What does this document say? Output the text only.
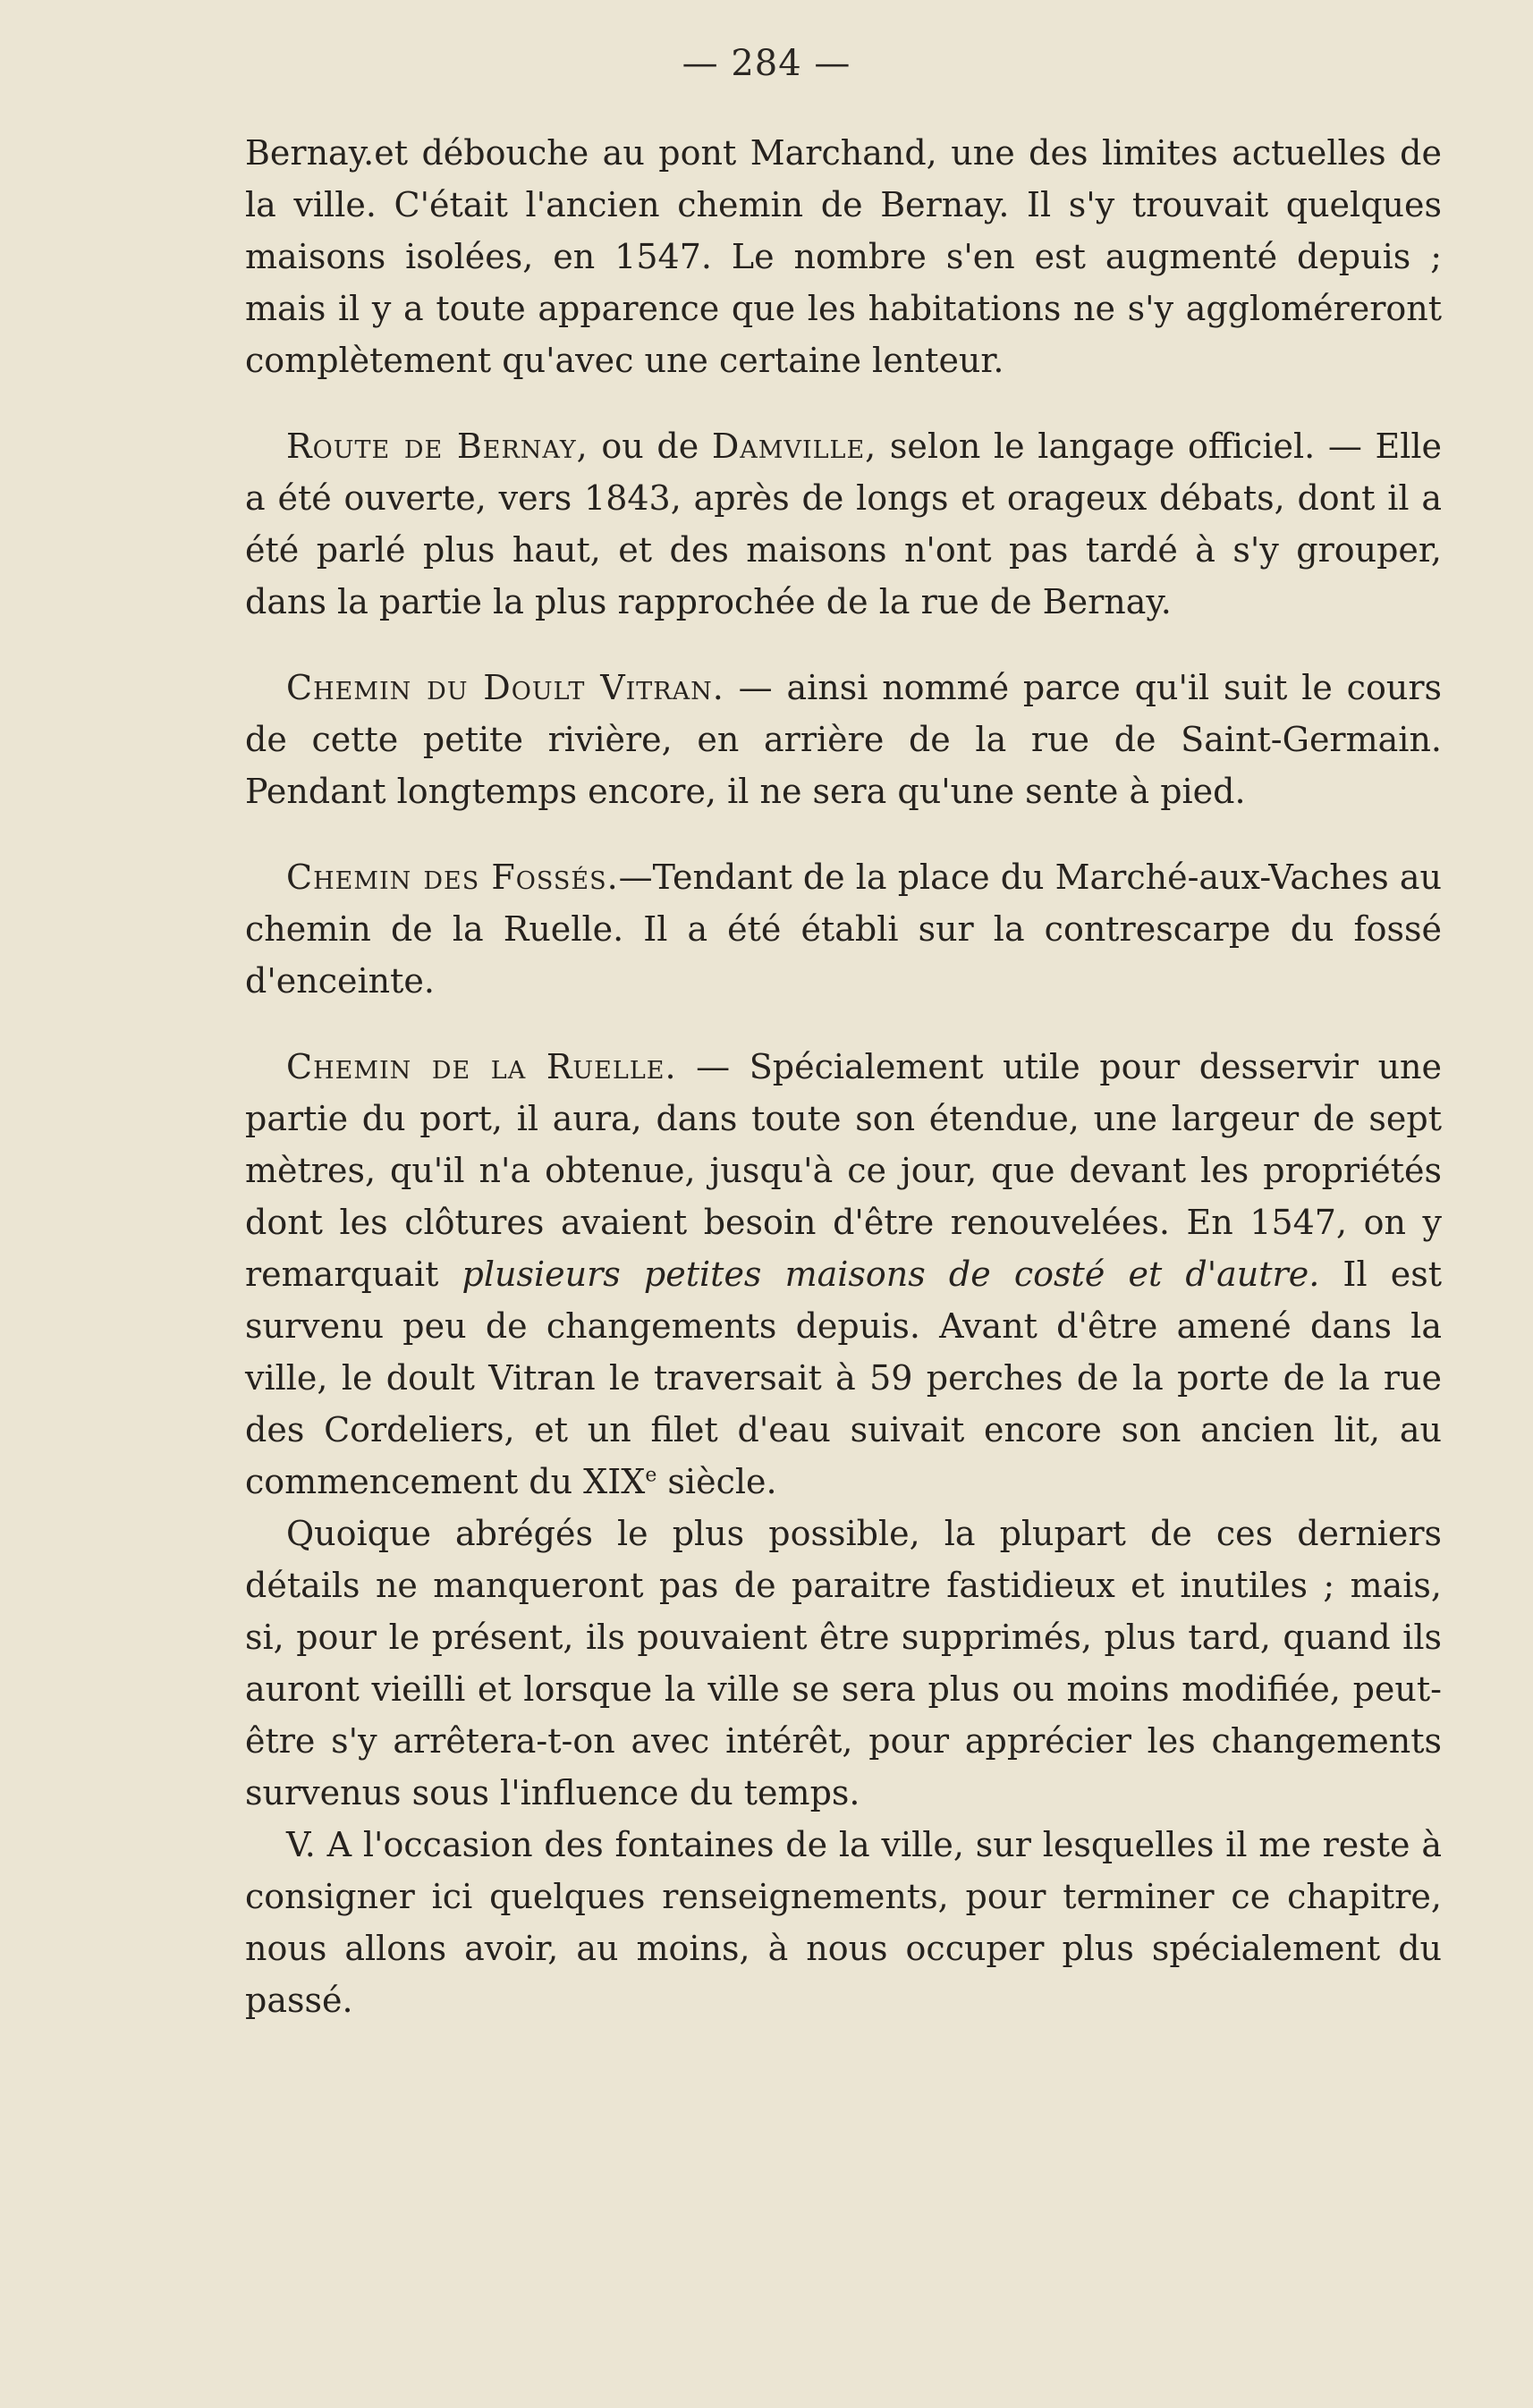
— 284 —

Bernay.et débouche au pont Marchand, une des limites actuelles de la ville. C'était l'ancien chemin de Bernay. Il s'y trouvait quelques maisons isolées, en 1547. Le nombre s'en est augmenté depuis ; mais il y a toute apparence que les habitations ne s'y aggloméreront complètement qu'avec une certaine lenteur.

Route de Bernay, ou de Damville, selon le langage officiel. — Elle a été ouverte, vers 1843, après de longs et orageux débats, dont il a été parlé plus haut, et des maisons n'ont pas tardé à s'y grouper, dans la partie la plus rapprochée de la rue de Bernay.

Chemin du Doult Vitran. — ainsi nommé parce qu'il suit le cours de cette petite rivière, en arrière de la rue de Saint-Germain. Pendant longtemps encore, il ne sera qu'une sente à pied.

Chemin des Fossés.—Tendant de la place du Marché-aux-Vaches au chemin de la Ruelle. Il a été établi sur la contrescarpe du fossé d'enceinte.

Chemin de la Ruelle. — Spécialement utile pour desservir une partie du port, il aura, dans toute son étendue, une largeur de sept mètres, qu'il n'a obtenue, jusqu'à ce jour, que devant les propriétés dont les clôtures avaient besoin d'être renouvelées. En 1547, on y remarquait plusieurs petites maisons de costé et d'autre. Il est survenu peu de changements depuis. Avant d'être amené dans la ville, le doult Vitran le traversait à 59 perches de la porte de la rue des Cordeliers, et un filet d'eau suivait encore son ancien lit, au commencement du XIXe siècle.

Quoique abrégés le plus possible, la plupart de ces derniers détails ne manqueront pas de paraitre fastidieux et inutiles ; mais, si, pour le présent, ils pouvaient être supprimés, plus tard, quand ils auront vieilli et lorsque la ville se sera plus ou moins modifiée, peut-être s'y arrêtera-t-on avec intérêt, pour apprécier les changements survenus sous l'influence du temps.

V. A l'occasion des fontaines de la ville, sur lesquelles il me reste à consigner ici quelques renseignements, pour terminer ce chapitre, nous allons avoir, au moins, à nous occuper plus spécialement du passé.
